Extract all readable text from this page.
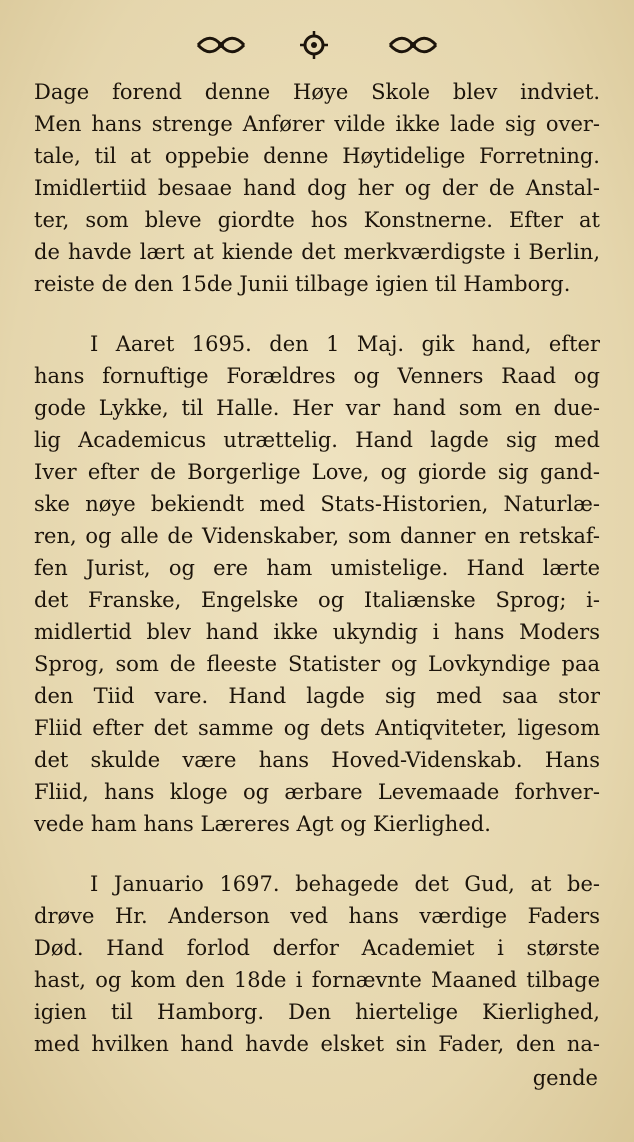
Dage forend denne Høye Skole blev indviet.
Men hans strenge Anfører vilde ikke lade sig over-
tale, til at oppebie denne Høytidelige Forretning.
Imidlertiid besaae hand dog her og der de Anstal-
ter, som bleve giordte hos Konstnerne. Efter at
de havde lært at kiende det merkværdigste i Berlin,
reiste de den 15de Junii tilbage igien til Hamborg.
I Aaret 1695. den 1 Maj. gik hand, efter
hans fornuftige Forældres og Venners Raad og
gode Lykke, til Halle. Her var hand som en due-
lig Academicus utrættelig. Hand lagde sig med
Iver efter de Borgerlige Love, og giorde sig gand-
ske nøye bekiendt med Stats-Historien, Naturlæ-
ren, og alle de Videnskaber, som danner en retskaf-
fen Jurist, og ere ham umistelige. Hand lærte
det Franske, Engelske og Italiænske Sprog; i-
midlertid blev hand ikke ukyndig i hans Moders
Sprog, som de fleeste Statister og Lovkyndige paa
den Tiid vare. Hand lagde sig med saa stor
Fliid efter det samme og dets Antiqviteter, ligesom
det skulde være hans Hoved-Videnskab. Hans
Fliid, hans kloge og ærbare Levemaade forhver-
vede ham hans Læreres Agt og Kierlighed.
I Januario 1697. behagede det Gud, at be-
drøve Hr. Anderson ved hans værdige Faders
Død. Hand forlod derfor Academiet i største
hast, og kom den 18de i fornævnte Maaned tilbage
igien til Hamborg. Den hiertelige Kierlighed,
med hvilken hand havde elsket sin Fader, den na-
gende
